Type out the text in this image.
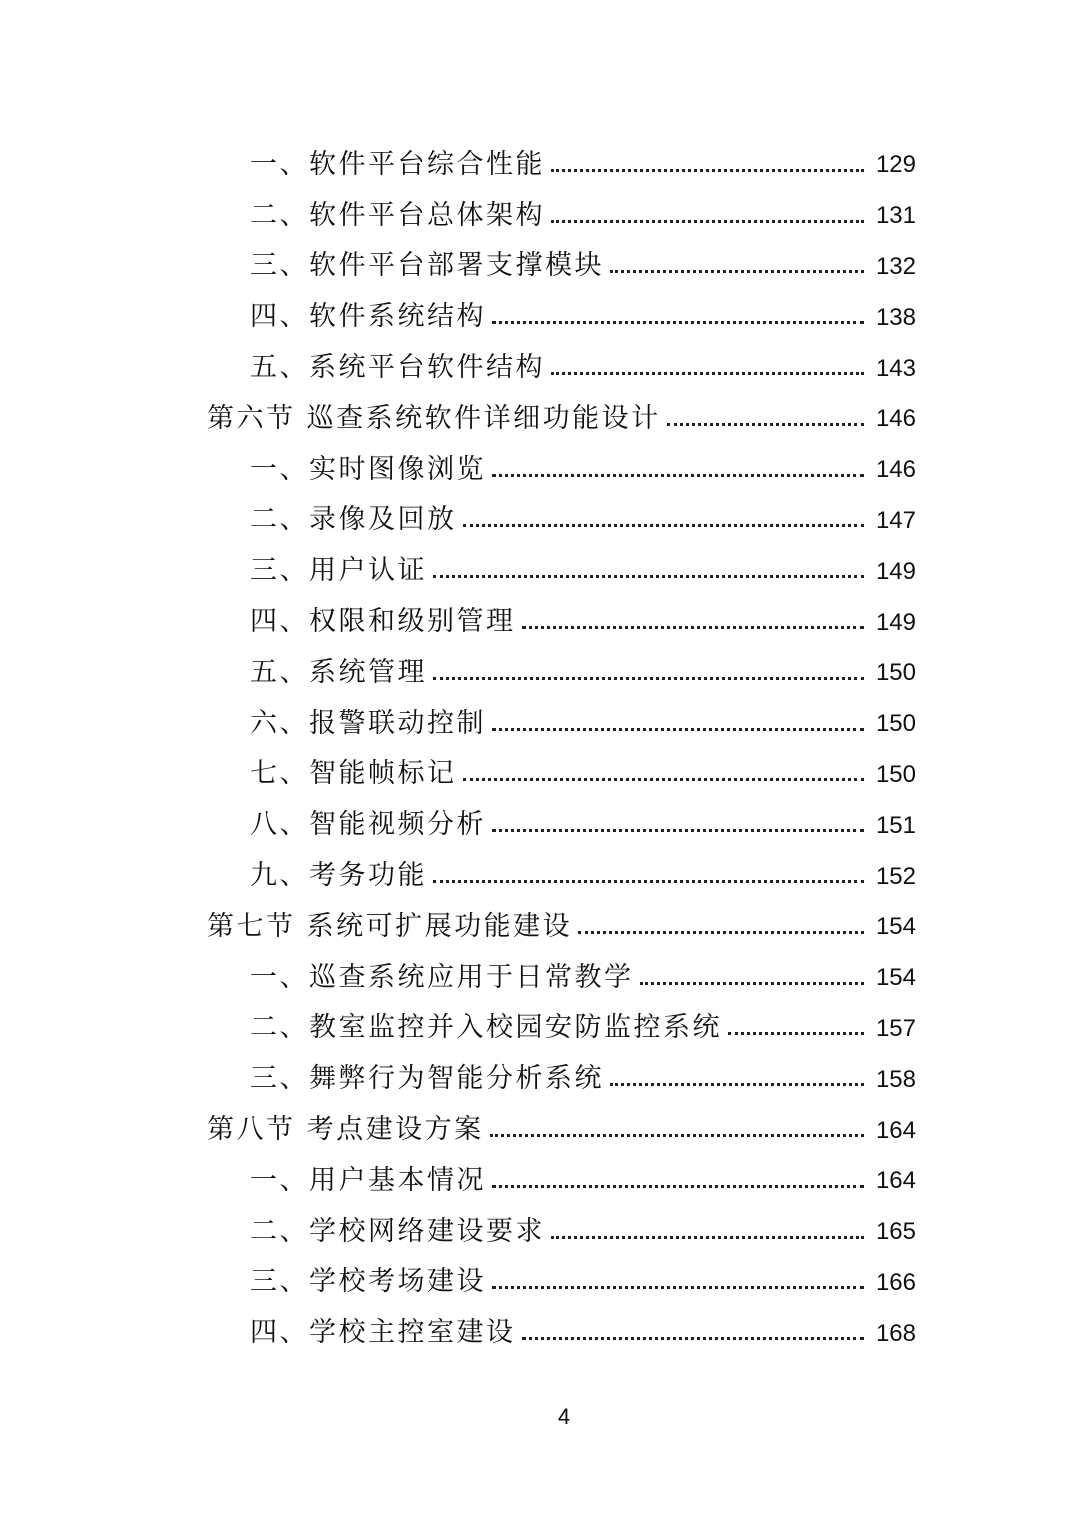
一、软件平台综合性能	129
二、软件平台总体架构	131
三、软件平台部署支撑模块	132
四、软件系统结构	138
五、系统平台软件结构	143
第六节 巡查系统软件详细功能设计	146
一、实时图像浏览	146
二、录像及回放	147
三、用户认证	149
四、权限和级别管理	149
五、系统管理	150
六、报警联动控制	150
七、智能帧标记	150
八、智能视频分析	151
九、考务功能	152
第七节 系统可扩展功能建设	154
一、巡查系统应用于日常教学	154
二、教室监控并入校园安防监控系统	157
三、舞弊行为智能分析系统	158
第八节 考点建设方案	164
一、用户基本情况	164
二、学校网络建设要求	165
三、学校考场建设	166
四、学校主控室建设	168
4
